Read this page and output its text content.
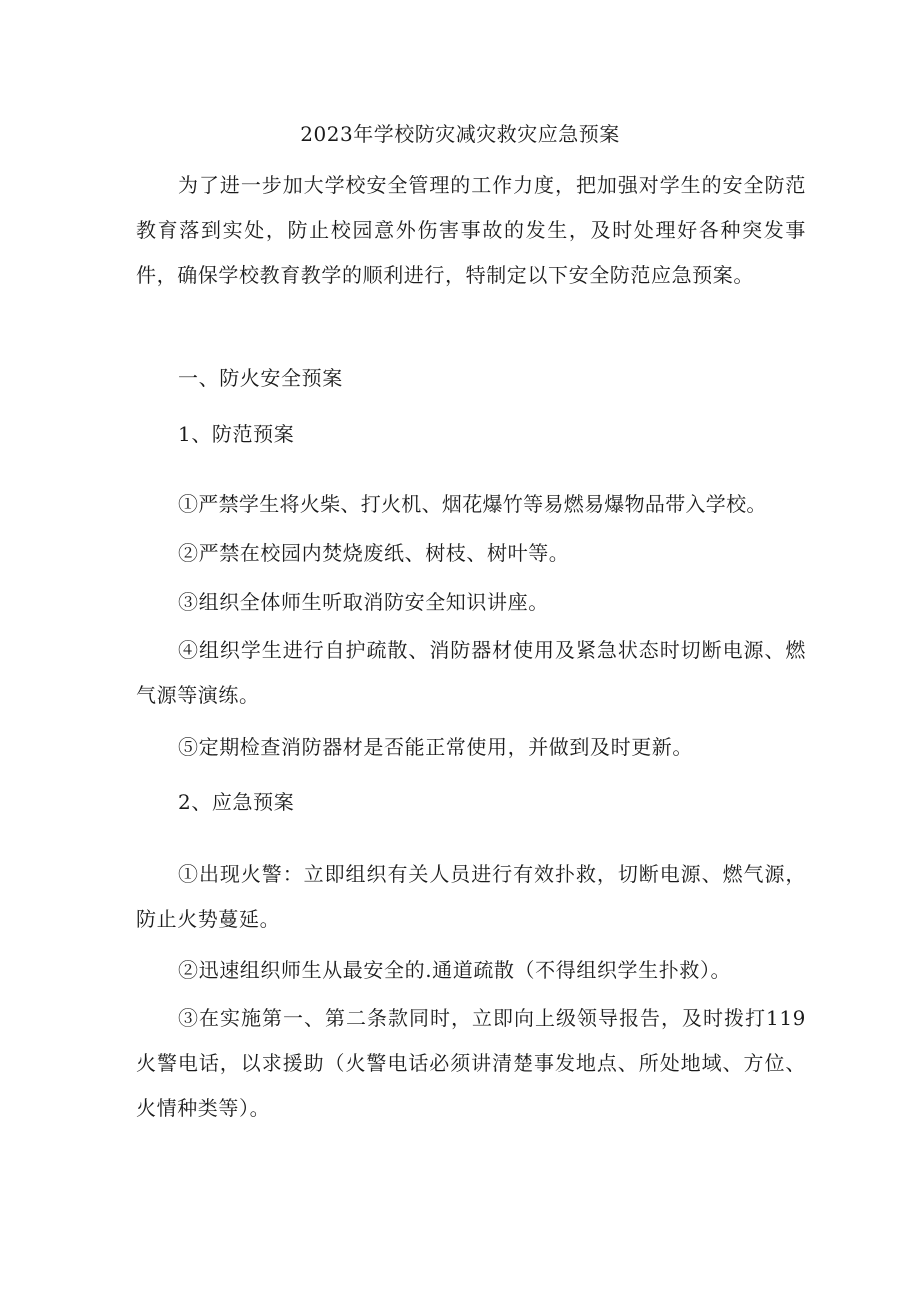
2023年学校防灾减灾救灾应急预案

为了进一步加大学校安全管理的工作力度，把加强对学生的安全防范教育落到实处，防止校园意外伤害事故的发生，及时处理好各种突发事件，确保学校教育教学的顺利进行，特制定以下安全防范应急预案。

一、防火安全预案

1、防范预案

①严禁学生将火柴、打火机、烟花爆竹等易燃易爆物品带入学校。

②严禁在校园内焚烧废纸、树枝、树叶等。

③组织全体师生听取消防安全知识讲座。

④组织学生进行自护疏散、消防器材使用及紧急状态时切断电源、燃气源等演练。

⑤定期检查消防器材是否能正常使用，并做到及时更新。

2、应急预案

①出现火警：立即组织有关人员进行有效扑救，切断电源、燃气源，防止火势蔓延。

②迅速组织师生从最安全的.通道疏散（不得组织学生扑救）。

③在实施第一、第二条款同时，立即向上级领导报告，及时拨打119火警电话，以求援助（火警电话必须讲清楚事发地点、所处地域、方位、火情种类等）。
